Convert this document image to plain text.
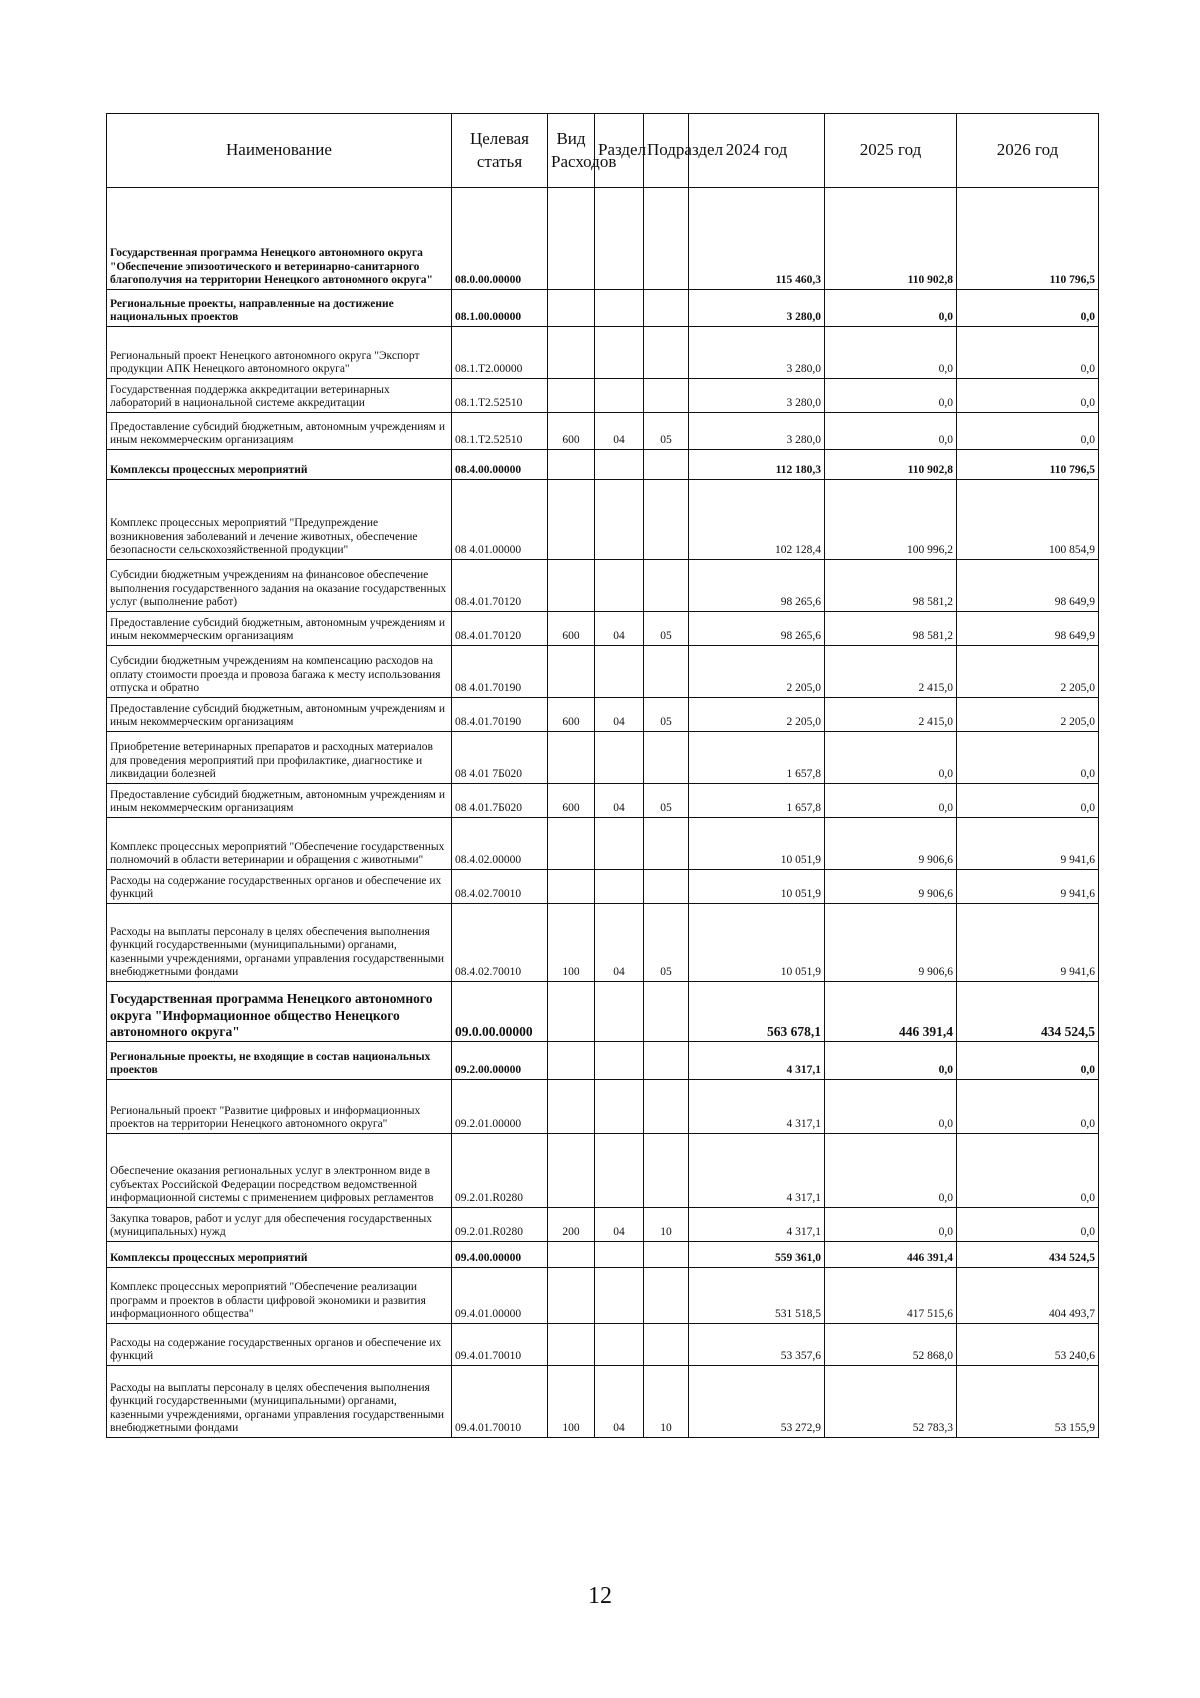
Наименование	Целевая статья	Вид Расходов	Раздел	Подраздел	2024 год	2025 год	2026 год
Государственная программа Ненецкого автономного округа "Обеспечение эпизоотического и ветеринарно-санитарного благополучия на территории Ненецкого автономного округа"	08.0.00.00000				115 460,3	110 902,8	110 796,5
Региональные проекты, направленные на достижение национальных проектов	08.1.00.00000				3 280,0	0,0	0,0
Региональный проект Ненецкого автономного округа "Экспорт продукции АПК Ненецкого автономного округа"	08.1.Т2.00000				3 280,0	0,0	0,0
Государственная поддержка аккредитации ветеринарных лабораторий в национальной системе аккредитации	08.1.Т2.52510				3 280,0	0,0	0,0
Предоставление субсидий бюджетным, автономным учреждениям и иным некоммерческим организациям	08.1.Т2.52510	600	04	05	3 280,0	0,0	0,0
Комплексы процессных мероприятий	08.4.00.00000				112 180,3	110 902,8	110 796,5
Комплекс процессных мероприятий "Предупреждение возникновения заболеваний и лечение животных, обеспечение безопасности сельскохозяйственной продукции"	08 4.01.00000				102 128,4	100 996,2	100 854,9
Субсидии бюджетным учреждениям на финансовое обеспечение выполнения государственного задания на оказание государственных услуг (выполнение работ)	08.4.01.70120				98 265,6	98 581,2	98 649,9
Предоставление субсидий бюджетным, автономным учреждениям и иным некоммерческим организациям	08.4.01.70120	600	04	05	98 265,6	98 581,2	98 649,9
Субсидии бюджетным учреждениям на компенсацию расходов на оплату стоимости проезда и провоза багажа к месту использования отпуска и обратно	08 4.01.70190				2 205,0	2 415,0	2 205,0
Предоставление субсидий бюджетным, автономным учреждениям и иным некоммерческим организациям	08.4.01.70190	600	04	05	2 205,0	2 415,0	2 205,0
Приобретение ветеринарных препаратов и расходных материалов для проведения мероприятий при профилактике, диагностике и ликвидации болезней	08 4.01 7Б020				1 657,8	0,0	0,0
Предоставление субсидий бюджетным, автономным учреждениям и иным некоммерческим организациям	08 4.01.7Б020	600	04	05	1 657,8	0,0	0,0
Комплекс процессных мероприятий "Обеспечение государственных полномочий в области ветеринарии и обращения с животными"	08.4.02.00000				10 051,9	9 906,6	9 941,6
Расходы на содержание государственных органов и обеспечение их функций	08.4.02.70010				10 051,9	9 906,6	9 941,6
Расходы на выплаты персоналу в целях обеспечения выполнения функций государственными (муниципальными) органами, казенными учреждениями, органами управления государственными внебюджетными фондами	08.4.02.70010	100	04	05	10 051,9	9 906,6	9 941,6
Государственная программа Ненецкого автономного округа "Информационное общество Ненецкого автономного округа"	09.0.00.00000				563 678,1	446 391,4	434 524,5
Региональные проекты, не входящие в состав национальных проектов	09.2.00.00000				4 317,1	0,0	0,0
Региональный проект "Развитие цифровых и информационных проектов на территории Ненецкого автономного округа"	09.2.01.00000				4 317,1	0,0	0,0
Обеспечение оказания региональных услуг в электронном виде в субъектах Российской Федерации посредством ведомственной информационной системы с применением цифровых регламентов	09.2.01.R0280				4 317,1	0,0	0,0
Закупка товаров, работ и услуг для обеспечения государственных (муниципальных) нужд	09.2.01.R0280	200	04	10	4 317,1	0,0	0,0
Комплексы процессных мероприятий	09.4.00.00000				559 361,0	446 391,4	434 524,5
Комплекс процессных мероприятий "Обеспечение реализации программ и проектов в области цифровой экономики и развития информационного общества"	09.4.01.00000				531 518,5	417 515,6	404 493,7
Расходы на содержание государственных органов и обеспечение их функций	09.4.01.70010				53 357,6	52 868,0	53 240,6
Расходы на выплаты персоналу в целях обеспечения выполнения функций государственными (муниципальными) органами, казенными учреждениями, органами управления государственными внебюджетными фондами	09.4.01.70010	100	04	10	53 272,9	52 783,3	53 155,9
12
